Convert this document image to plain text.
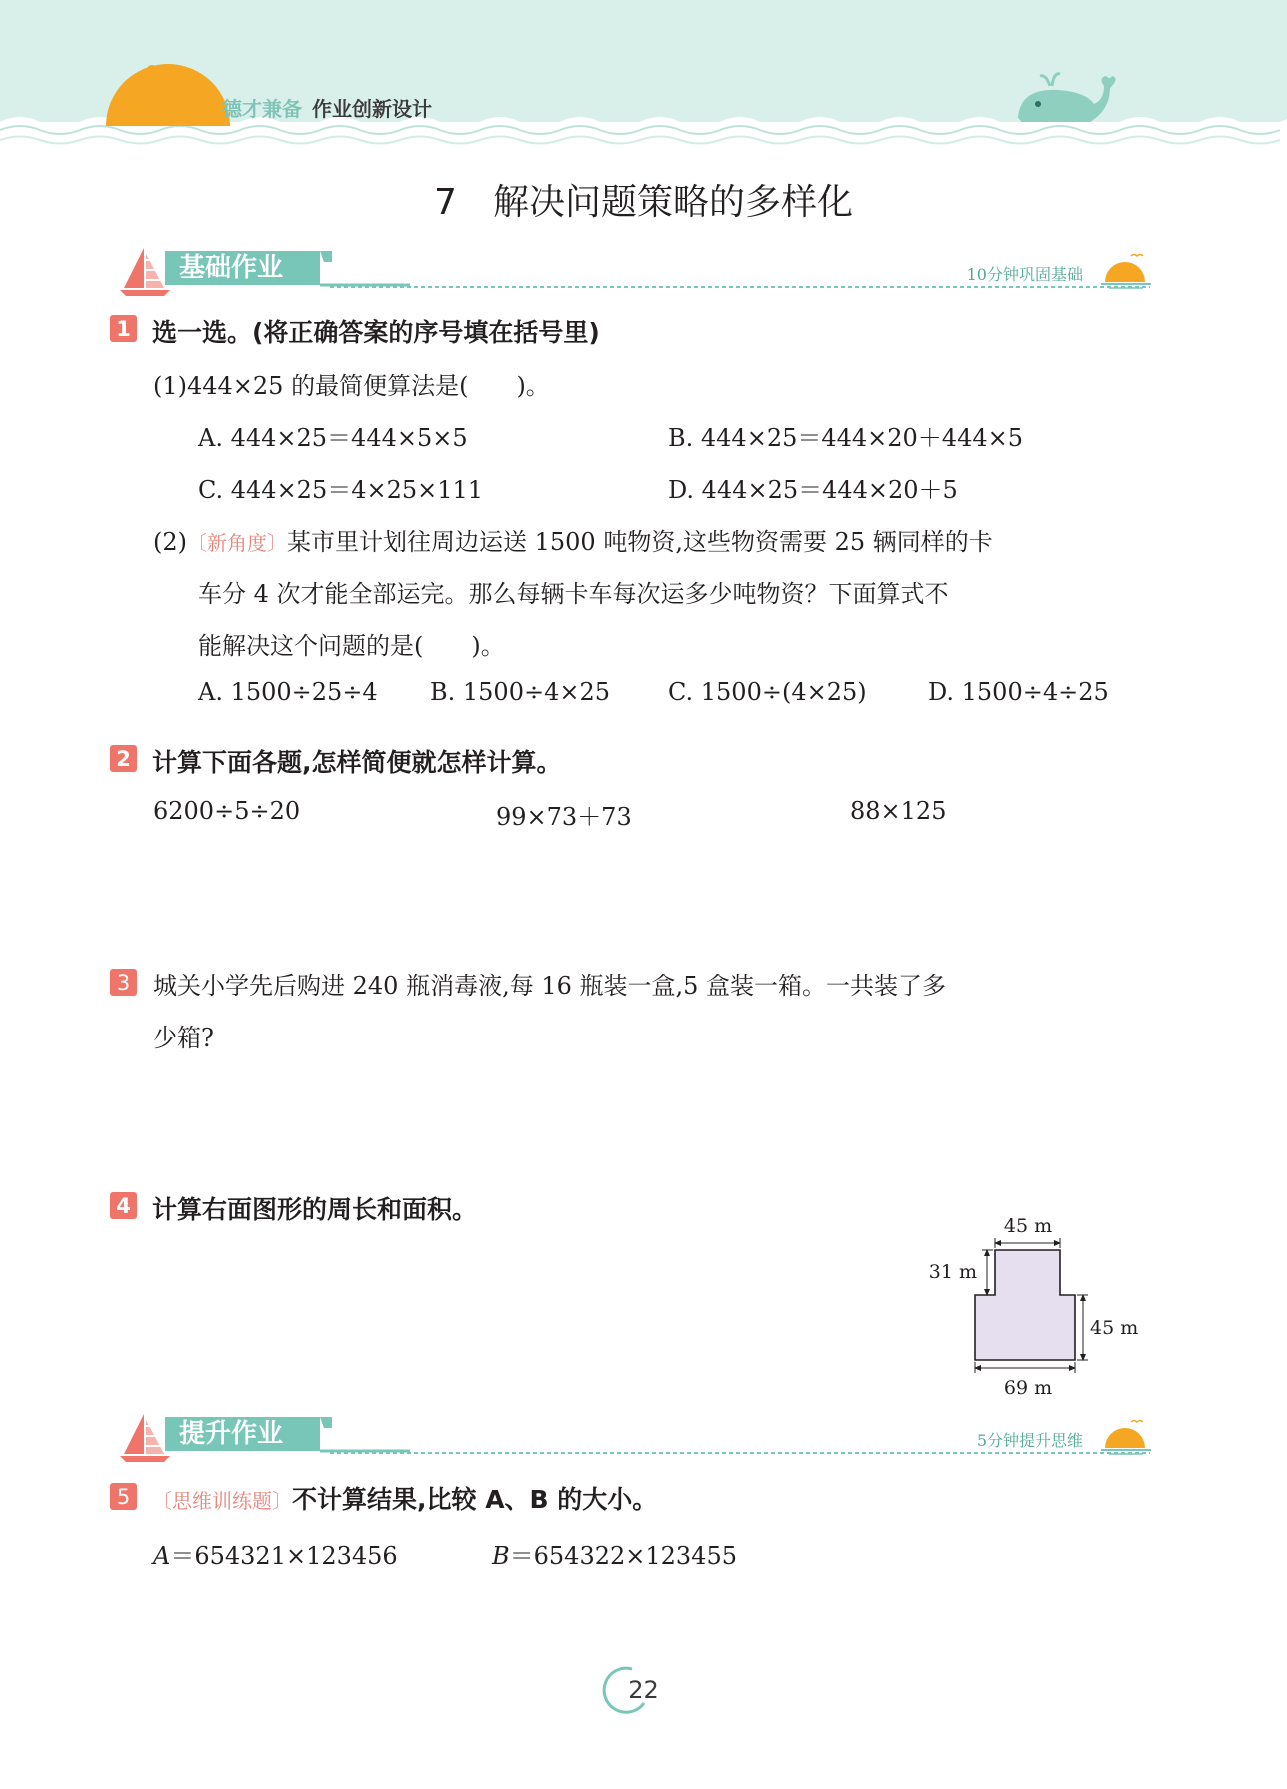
德才兼备 作业创新设计
7　解决问题策略的多样化
基础作业	10分钟巩固基础
1 选一选。(将正确答案的序号填在括号里)
(1)444×25 的最简便算法是(　　)。
A. 444×25＝444×5×5	B. 444×25＝444×20＋444×5
C. 444×25＝4×25×111	D. 444×25＝444×20＋5
(2)〔新角度〕某市里计划往周边运送 1500 吨物资,这些物资需要 25 辆同样的卡
车分 4 次才能全部运完。那么每辆卡车每次运多少吨物资？下面算式不
能解决这个问题的是(　　)。
A. 1500÷25÷4 B. 1500÷4×25 C. 1500÷(4×25)	D. 1500÷4÷25
2 计算下面各题,怎样简便就怎样计算。
6200÷5÷20	99×73＋73	88×125
3 城关小学先后购进 240 瓶消毒液,每 16 瓶装一盒,5 盒装一箱。一共装了多
少箱?
4 计算右面图形的周长和面积。
45 m
31 m
45 m
69 m
提升作业	5分钟提升思维
5	〔思维训练题〕不计算结果,比较 A、B 的大小。
A＝654321×123456	B＝654322×123455
22
